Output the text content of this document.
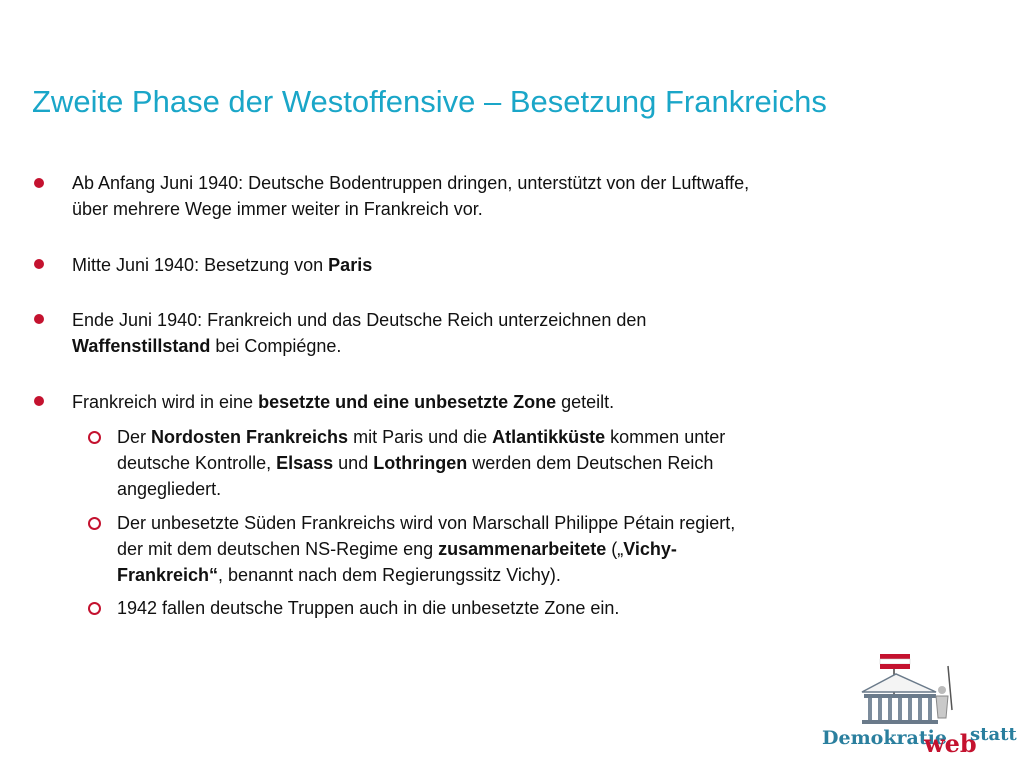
Zweite Phase der Westoffensive – Besetzung Frankreichs
Ab Anfang Juni 1940: Deutsche Bodentruppen dringen, unterstützt von der Luftwaffe,
über mehrere Wege immer weiter in Frankreich vor.
Mitte Juni 1940: Besetzung von Paris
Ende Juni 1940: Frankreich und das Deutsche Reich unterzeichnen den
Waffenstillstand bei Compiégne.
Frankreich wird in eine besetzte und eine unbesetzte Zone geteilt.
Der Nordosten Frankreichs mit Paris und die Atlantikküste kommen unter
deutsche Kontrolle, Elsass und Lothringen werden dem Deutschen Reich
angegliedert.
Der unbesetzte Süden Frankreichs wird von Marschall Philippe Pétain regiert,
der mit dem deutschen NS-Regime eng zusammenarbeitete („Vichy-
Frankreich“, benannt nach dem Regierungssitz Vichy).
1942 fallen deutsche Truppen auch in die unbesetzte Zone ein.
Demokratie
web
statt
